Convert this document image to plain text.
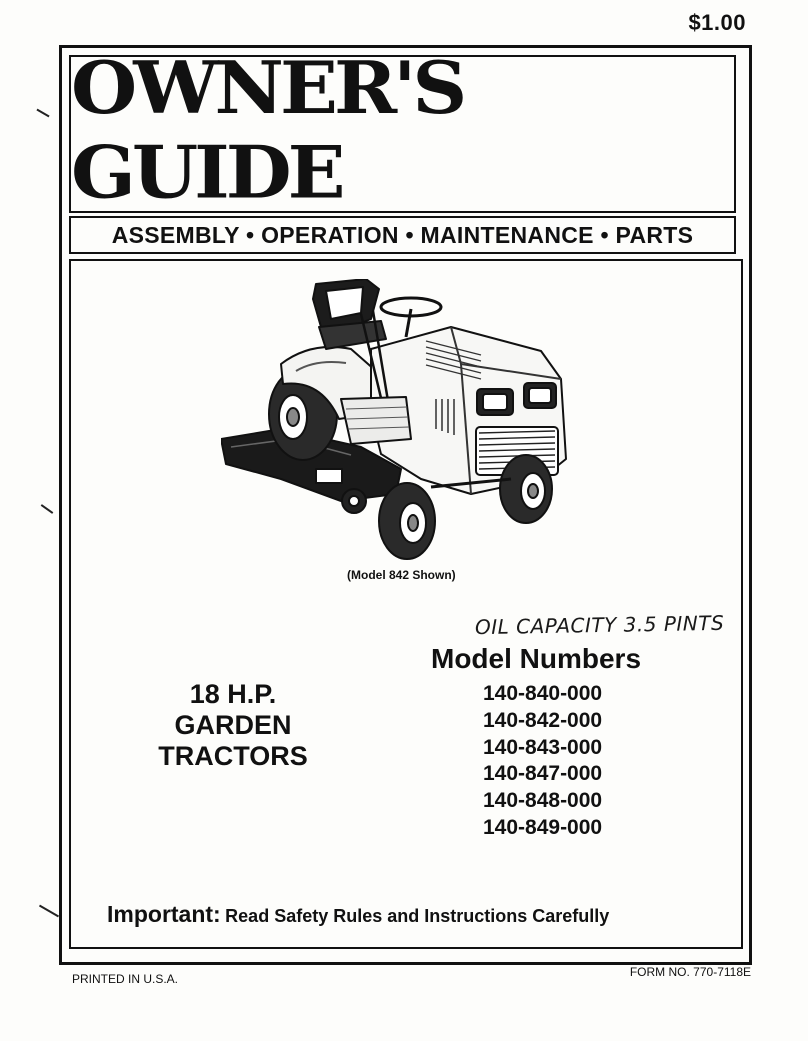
$1.00
OWNER'S GUIDE
ASSEMBLY • OPERATION • MAINTENANCE • PARTS
(Model 842 Shown)
OIL CAPACITY 3.5 PINTS
Model Numbers
140-840-000
140-842-000
140-843-000
140-847-000
140-848-000
140-849-000
18 H.P.
GARDEN
TRACTORS
Important: Read Safety Rules and Instructions Carefully
PRINTED IN U.S.A.	FORM NO. 770-7118E
